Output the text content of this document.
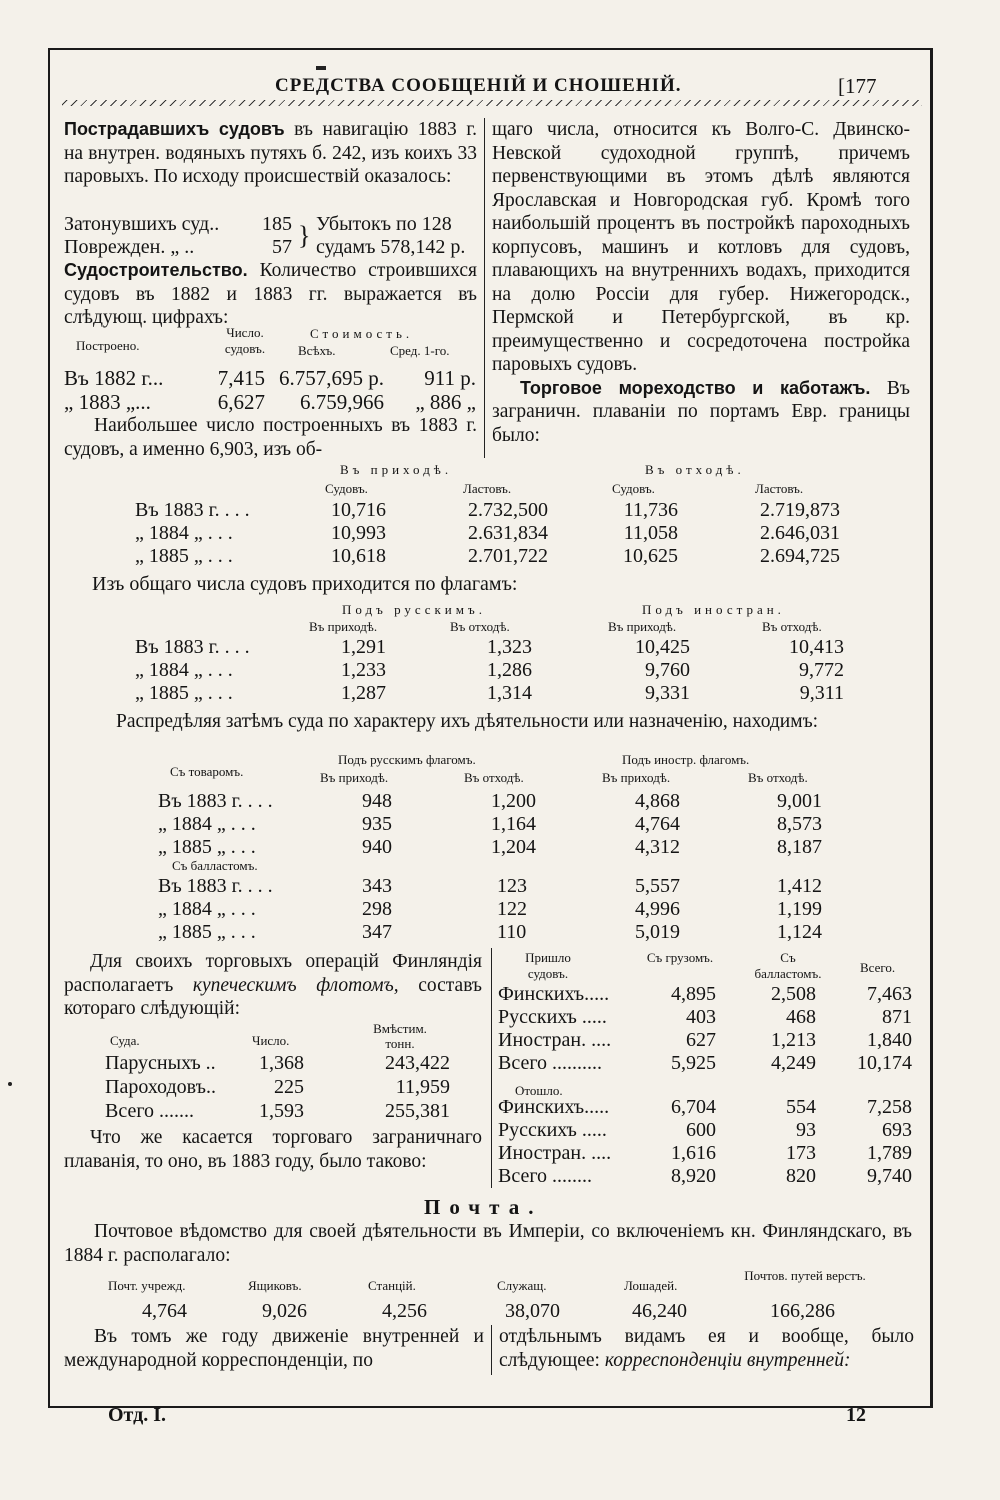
СРЕДСТВА СООБЩЕНІЙ И СНОШЕНІЙ.	[177

Пострадавшихъ судовъ въ навигацію 1883 г. на внутрен. водяныхъ путяхъ б. 242, изъ коихъ 33 паровыхъ. По исходу происшествій оказалось:

Затонувшихъ суд.. 185
Поврежден. „ ..	57 } Убытокъ по 128
судамъ 578,142 р.

Судостроительство. Количество строившихся судовъ въ 1882 и 1883 гг. выражается въ слѣдующ. цифрахъ:

Построено.
Число. судовъ.
Стоимость.
Всѣхъ.	Сред. 1-го.
Въ 1882 г...	7,415 6.757,695 р.	911 р.
„ 1883 „...	6,627	6.759,966	„ 886 „

Наибольшее число построенныхъ въ 1883 г. судовъ, а именно 6,903, изъ об-

щаго числа, относится къ Волго-С. Двинско-Невской судоходной группѣ, причемъ первенствующими въ этомъ дѣлѣ являются Ярославская и Новгородская губ. Кромѣ того наибольшій процентъ въ постройкѣ пароходныхъ корпусовъ, машинъ и котловъ для судовъ, плавающихъ на внутреннихъ водахъ, приходится на долю Россіи для губер. Нижегородск., Пермской и Петербургской, въ кр. преимущественно и сосредоточена постройка паровыхъ судовъ.

Торговое мореходство и каботажъ. Въ заграничн. плаваніи по портамъ Евр. границы было:

Въ приходѣ.	Въ отходѣ.
Судовъ.	Ластовъ.	Судовъ.	Ластовъ.
Въ 1883 г. . . .	10,716	2.732,500	11,736	2.719,873
„ 1884 „ . . .	10,993	2.631,834	11,058	2.646,031
„ 1885 „ . . .	10,618	2.701,722	10,625	2.694,725
Изъ общаго числа судовъ приходится по флагамъ:
Подъ русскимъ.	Подъ иностран.
Въ приходѣ.	Въ отходѣ.	Въ приходѣ.	Въ отходѣ.
Въ 1883 г. . . .	1,291	1,323	10,425	10,413
„ 1884 „ . . .	1,233	1,286	9,760	9,772
„ 1885 „ . . .	1,287	1,314	9,331	9,311

Распредѣляя затѣмъ суда по характеру ихъ дѣятельности или назначенію, находимъ:

Подъ русскимъ флагомъ.	Подъ иностр. флагомъ.
Съ товаромъ.	Въ приходѣ.	Въ отходѣ.	Въ приходѣ.	Въ отходѣ.
Въ 1883 г. . . .	948	1,200	4,868	9,001
„ 1884 „ . . .	935	1,164	4,764	8,573
„ 1885 „ . . .	940	1,204	4,312	8,187
Съ балластомъ.
Въ 1883 г. . . .	343	123	5,557	1,412
„ 1884 „ . . .	298	122	4,996	1,199
„ 1885 „ . . .	347	110	5,019	1,124

Для своихъ торговыхъ операцій Финляндія располагаетъ купеческимъ флотомъ, составъ котораго слѣдующій:

Суда.	Число.
Вмѣстим. тонн.
Парусныхъ ..	1,368	243,422
Пароходовъ..	225	11,959
Всего .......	1,593	255,381

Что же касается торговаго заграничнаго плаванія, то оно, въ 1883 году, было таково:

Пришло судовъ.
Съ грузомъ.	Съ балластомъ.	Всего.
Финскихъ.....	4,895	2,508	7,463
Русскихъ .....	403	468	871
Иностран. ....	627	1,213	1,840
Всего ..........	5,925	4,249	10,174
Отошло.
Финскихъ.....	6,704	554	7,258
Русскихъ .....	600	93	693
Иностран. ....	1,616	173	1,789
Всего ........	8,920	820	9,740
Почта.

Почтовое вѣдомство для своей дѣятельности въ Имперіи, со включеніемъ кн. Финляндскаго, въ 1884 г. располагало:

Почт. учрежд.	Ящиковъ.	Станцій.	Служащ.	Лошадей.
Почтов. путей верстъ.
4,764	9,026	4,256	38,070	46,240	166,286

Въ томъ же году движеніе внутренней и международной корреспонденціи, по

отдѣльнымъ видамъ ея и вообще, было слѣдующее: корреспонденціи внутренней:

Отд. I.	12
